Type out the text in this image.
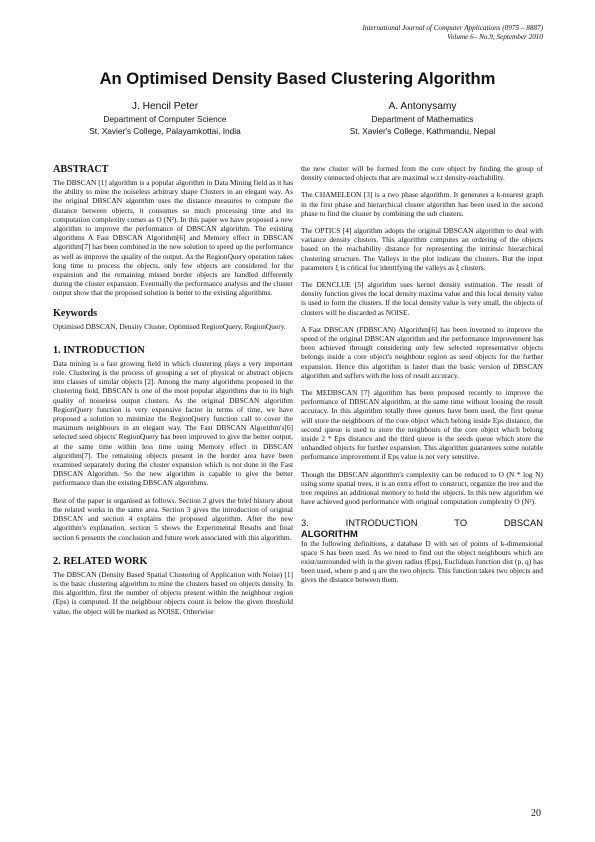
International Journal of Computer Applications (0975 – 8887)
Volume 6– No.9, September 2010
An Optimised Density Based Clustering Algorithm
J. Hencil Peter
Department of Computer Science
St. Xavier's College, Palayamkottai, India
A. Antonysamy
Department of Mathematics
St. Xavier's College, Kathmandu, Nepal
ABSTRACT
The DBSCAN [1] algorithm is a popular algorithm in Data Mining field as it has the ability to mine the noiseless arbitrary shape Clusters in an elegant way. As the original DBSCAN algorithm uses the distance measures to compute the distance between objects, it consumes so much processing time and its computation complexity comes as O (N²). In this paper we have proposed a new algorithm to improve the performance of DBSCAN algorithm. The existing algorithms A Fast DBSCAN Algorithm[6] and Memory effect in DBSCAN algorithm[7] has been combined in the new solution to speed up the performance as well as improve the quality of the output. As the RegionQuery operation takes long time to process the objects, only few objects are considered for the expansion and the remaining missed border objects are handled differently during the cluster expansion. Eventually the performance analysis and the cluster output show that the proposed solution is better to the existing algorithms.
Keywords
Optimised DBSCAN, Density Cluster, Optimised RegionQuery, RegionQuery.
1. INTRODUCTION
Data mining is a fast growing field in which clustering plays a very important role. Clustering is the process of grouping a set of physical or abstract objects into classes of similar objects [2]. Among the many algorithms proposed in the clustering field, DBSCAN is one of the most popular algorithms due to its high quality of noiseless output clusters. As the original DBSCAN algorithm RegionQuery function is very expensive factor in terms of time, we have proposed a solution to minimize the RegionQuery function call to cover the maximum neighbours in an elegant way. The Fast DBSCAN Algorithm's[6] selected seed objects' RegionQuery has been improved to give the better output, at the same time within less time using Memory effect in DBSCAN algorithm[7]. The remaining objects present in the border area have been examined separately during the cluster expansion which is not done in the Fast DBSCAN Algorithm. So the new algorithm is capable to give the better performance than the existing DBSCAN algorithms.
Rest of the paper is organised as follows. Section 2 gives the brief history about the related works in the same area. Section 3 gives the introduction of original DBSCAN and section 4 explains the proposed algorithm. After the new algorithm's explanation, section 5 shows the Experimental Results and final section 6 presents the conclusion and future work associated with this algorithm.
2. RELATED WORK
The DBSCAN (Density Based Spatial Clustering of Application with Noise) [1] is the basic clustering algorithm to mine the clusters based on objects density. In this algorithm, first the number of objects present within the neighbour region (Eps) is computed. If the neighbour objects count is below the given threshold value, the object will be marked as NOISE. Otherwise
the new cluster will be formed from the core object by finding the group of density connected objects that are maximal w.r.t density-reachability.
The CHAMELEON [3] is a two phase algorithm. It generates a k-nearest graph in the first phase and hierarchical cluster algorithm has been used in the second phase to find the cluster by combining the sub clusters.
The OPTICS [4] algorithm adopts the original DBSCAN algorithm to deal with variance density clusters. This algorithm computes an ordering of the objects based on the reachability distance for representing the intrinsic hierarchical clustering structure. The Valleys in the plot indicate the clusters. But the input parameters ξ is critical for identifying the valleys as ξ clusters.
The DENCLUE [5] algorithm uses kernel density estimation. The result of density function gives the local density maxima value and this local density value is used to form the clusters. If the local density value is very small, the objects of clusters will be discarded as NOISE.
A Fast DBSCAN (FDBSCAN) Algorithm[6] has been invented to improve the speed of the original DBSCAN algorithm and the performance improvement has been achieved through considering only few selected representative objects belongs inside a core object's neighbour region as seed objects for the further expansion. Hence this algorithm is faster than the basic version of DBSCAN algorithm and suffers with the loss of result accuracy.
The MEDBSCAN [7] algorithm has been proposed recently to improve the performance of DBSCAN algorithm, at the same time without loosing the result accuracy. In this algorithm totally three queues have been used, the first queue will store the neighbours of the core object which belong inside Eps distance, the second queue is used to store the neighbours of the core object which belong inside 2 * Eps distance and the third queue is the seeds queue which store the unhandled objects for further expansion. This algorithm guarantees some notable performance improvement if Eps value is not very sensitive.
Though the DBSCAN algorithm's complexity can be reduced to O (N * log N) using some spatial trees, it is an extra effort to construct, organize the tree and the tree requires an additional memory to hold the objects. In this new algorithm we have achieved good performance with original computation complexity O (N²).
3.	INTRODUCTION	TO	DBSCAN
ALGORITHM
In the following definitions, a database D with set of points of k-dimensional space S has been used. As we need to find out the object neighbours which are exist/surrounded with in the given radius (Eps), Euclidean function dist (p, q) has been used, where p and q are the two objects. This function takes two objects and gives the distance between them.
20
